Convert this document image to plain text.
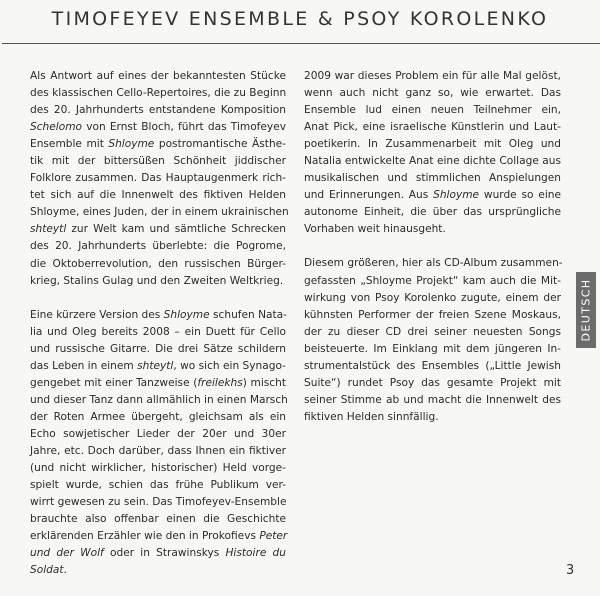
TIMOFEYEV ENSEMBLE & PSOY KOROLENKO

Als Antwort auf eines der bekanntesten Stücke
des klassischen Cello-Repertoires, die zu Beginn
des 20. Jahrhunderts entstandene Komposition
Schelomo von Ernst Bloch, führt das Timofeyev
Ensemble mit Shloyme postromantische Ästhe-
tik mit der bittersüßen Schönheit jiddischer
Folklore zusammen. Das Hauptaugenmerk rich-
tet sich auf die Innenwelt des fiktiven Helden
Shloyme, eines Juden, der in einem ukrainischen
shteytl zur Welt kam und sämtliche Schrecken
des 20. Jahrhunderts überlebte: die Pogrome,
die Oktoberrevolution, den russischen Bürger-
krieg, Stalins Gulag und den Zweiten Weltkrieg.

Eine kürzere Version des Shloyme schufen Nata-
lia und Oleg bereits 2008 – ein Duett für Cello
und russische Gitarre. Die drei Sätze schildern
das Leben in einem shteytl, wo sich ein Synago-
gengebet mit einer Tanzweise (freilekhs) mischt
und dieser Tanz dann allmählich in einen Marsch
der Roten Armee übergeht, gleichsam als ein
Echo sowjetischer Lieder der 20er und 30er
Jahre, etc. Doch darüber, dass Ihnen ein fiktiver
(und nicht wirklicher, historischer) Held vorge-
spielt wurde, schien das frühe Publikum ver-
wirrt gewesen zu sein. Das Timofeyev-Ensemble
brauchte also offenbar einen die Geschichte
erklärenden Erzähler wie den in Prokofievs Peter
und der Wolf oder in Strawinskys Histoire du
Soldat.

2009 war dieses Problem ein für alle Mal gelöst,
wenn auch nicht ganz so, wie erwartet. Das
Ensemble lud einen neuen Teilnehmer ein,
Anat Pick, eine israelische Künstlerin und Laut-
poetikerin. In Zusammenarbeit mit Oleg und
Natalia entwickelte Anat eine dichte Collage aus
musikalischen und stimmlichen Anspielungen
und Erinnerungen. Aus Shloyme wurde so eine
autonome Einheit, die über das ursprüngliche
Vorhaben weit hinausgeht.

Diesem größeren, hier als CD-Album zusammen-
gefassten „Shloyme Projekt“ kam auch die Mit-
wirkung von Psoy Korolenko zugute, einem der
kühnsten Performer der freien Szene Moskaus,
der zu dieser CD drei seiner neuesten Songs
beisteuerte. Im Einklang mit dem jüngeren In-
strumentalstück des Ensembles („Little Jewish
Suite“) rundet Psoy das gesamte Projekt mit
seiner Stimme ab und macht die Innenwelt des
fiktiven Helden sinnfällig.

DEUTSCH
3
